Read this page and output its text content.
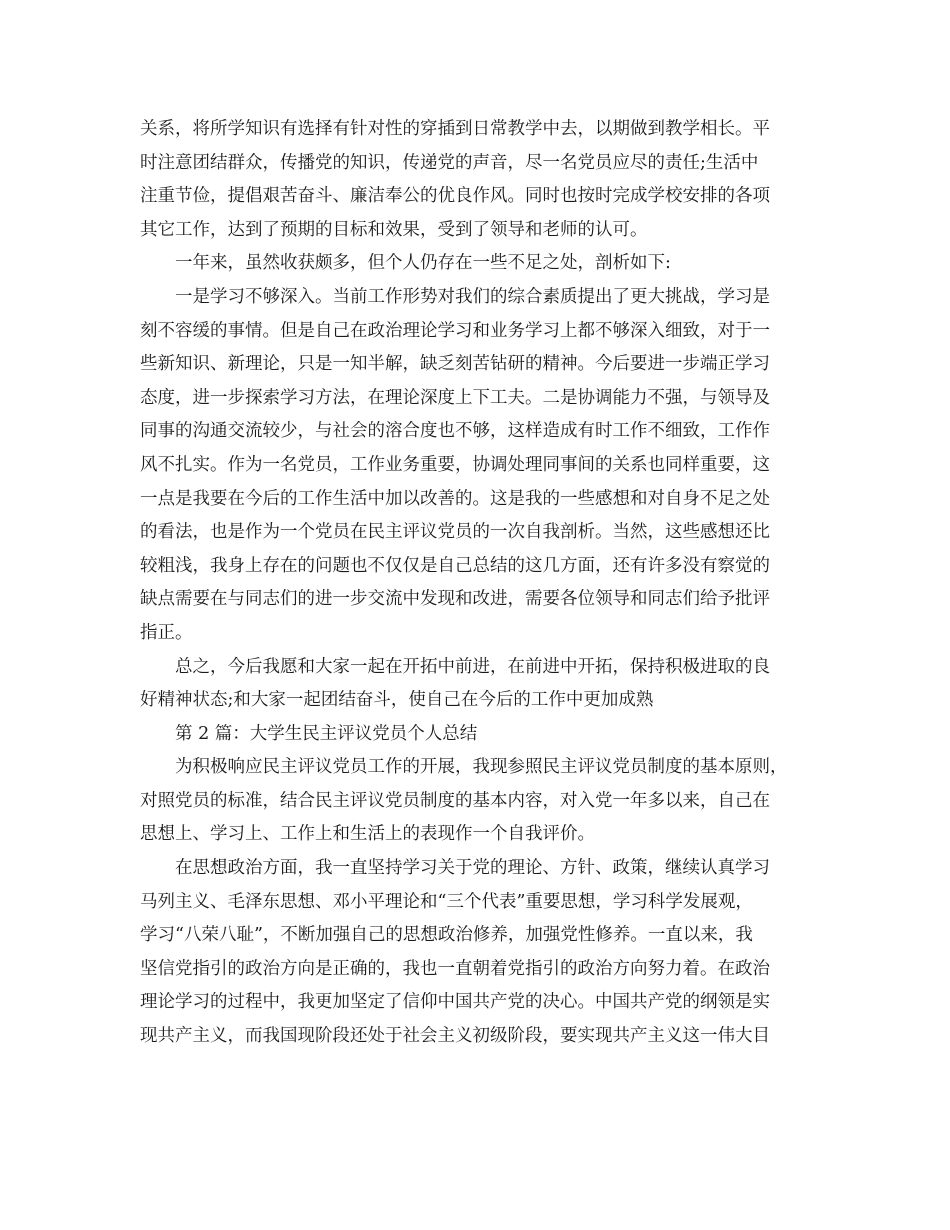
关系，将所学知识有选择有针对性的穿插到日常教学中去，以期做到教学相长。平
时注意团结群众，传播党的知识，传递党的声音，尽一名党员应尽的责任;生活中
注重节俭，提倡艰苦奋斗、廉洁奉公的优良作风。同时也按时完成学校安排的各项
其它工作，达到了预期的目标和效果，受到了领导和老师的认可。
一年来，虽然收获颇多，但个人仍存在一些不足之处，剖析如下:
一是学习不够深入。当前工作形势对我们的综合素质提出了更大挑战，学习是
刻不容缓的事情。但是自己在政治理论学习和业务学习上都不够深入细致，对于一
些新知识、新理论，只是一知半解，缺乏刻苦钻研的精神。今后要进一步端正学习
态度，进一步探索学习方法，在理论深度上下工夫。二是协调能力不强，与领导及
同事的沟通交流较少，与社会的溶合度也不够，这样造成有时工作不细致，工作作
风不扎实。作为一名党员，工作业务重要，协调处理同事间的关系也同样重要，这
一点是我要在今后的工作生活中加以改善的。这是我的一些感想和对自身不足之处
的看法，也是作为一个党员在民主评议党员的一次自我剖析。当然，这些感想还比
较粗浅，我身上存在的问题也不仅仅是自己总结的这几方面，还有许多没有察觉的
缺点需要在与同志们的进一步交流中发现和改进，需要各位领导和同志们给予批评
指正。
总之，今后我愿和大家一起在开拓中前进，在前进中开拓，保持积极进取的良
好精神状态;和大家一起团结奋斗，使自己在今后的工作中更加成熟
第 2 篇：大学生民主评议党员个人总结
为积极响应民主评议党员工作的开展，我现参照民主评议党员制度的基本原则，
对照党员的标准，结合民主评议党员制度的基本内容，对入党一年多以来，自己在
思想上、学习上、工作上和生活上的表现作一个自我评价。
在思想政治方面，我一直坚持学习关于党的理论、方针、政策，继续认真学习
马列主义、毛泽东思想、邓小平理论和“三个代表”重要思想，学习科学发展观，
学习“八荣八耻”，不断加强自己的思想政治修养，加强党性修养。一直以来，我
坚信党指引的政治方向是正确的，我也一直朝着党指引的政治方向努力着。在政治
理论学习的过程中，我更加坚定了信仰中国共产党的决心。中国共产党的纲领是实
现共产主义，而我国现阶段还处于社会主义初级阶段，要实现共产主义这一伟大目
